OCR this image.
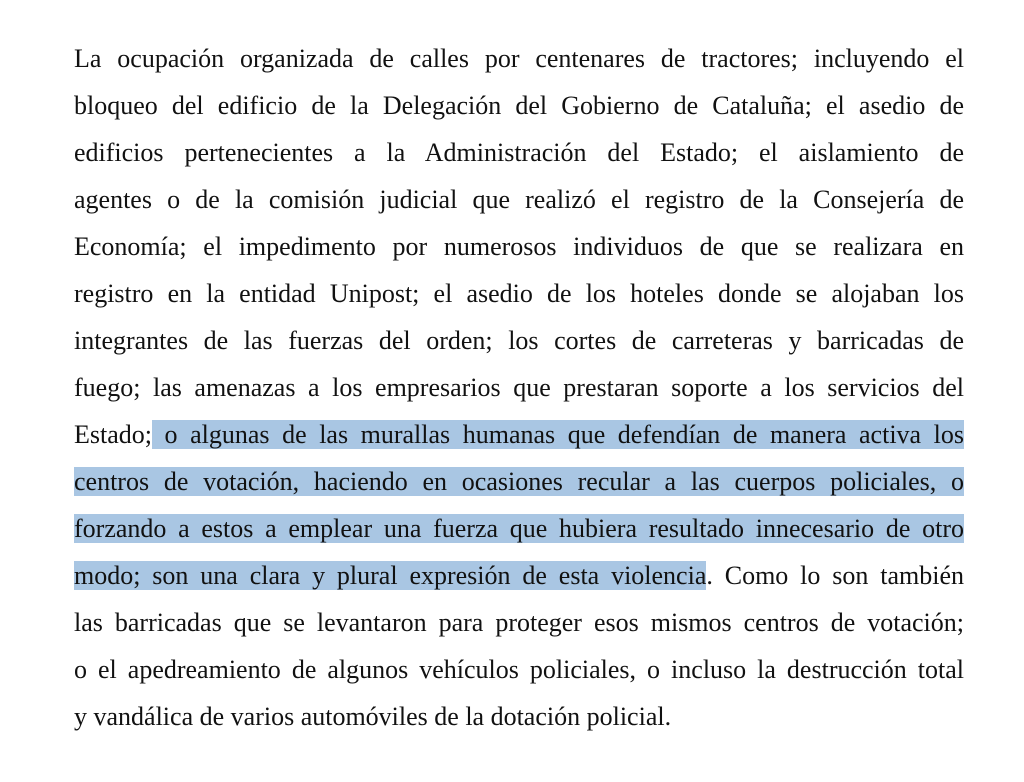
La ocupación organizada de calles por centenares de tractores; incluyendo el
bloqueo del edificio de la Delegación del Gobierno de Cataluña; el asedio de
edificios pertenecientes a la Administración del Estado; el aislamiento de
agentes o de la comisión judicial que realizó el registro de la Consejería de
Economía; el impedimento por numerosos individuos de que se realizara en
registro en la entidad Unipost; el asedio de los hoteles donde se alojaban los
integrantes de las fuerzas del orden; los cortes de carreteras y barricadas de
fuego; las amenazas a los empresarios que prestaran soporte a los servicios del
Estado; o algunas de las murallas humanas que defendían de manera activa los
centros de votación, haciendo en ocasiones recular a las cuerpos policiales, o
forzando a estos a emplear una fuerza que hubiera resultado innecesario de otro
modo; son una clara y plural expresión de esta violencia. Como lo son también
las barricadas que se levantaron para proteger esos mismos centros de votación;
o el apedreamiento de algunos vehículos policiales, o incluso la destrucción total
y vandálica de varios automóviles de la dotación policial.
